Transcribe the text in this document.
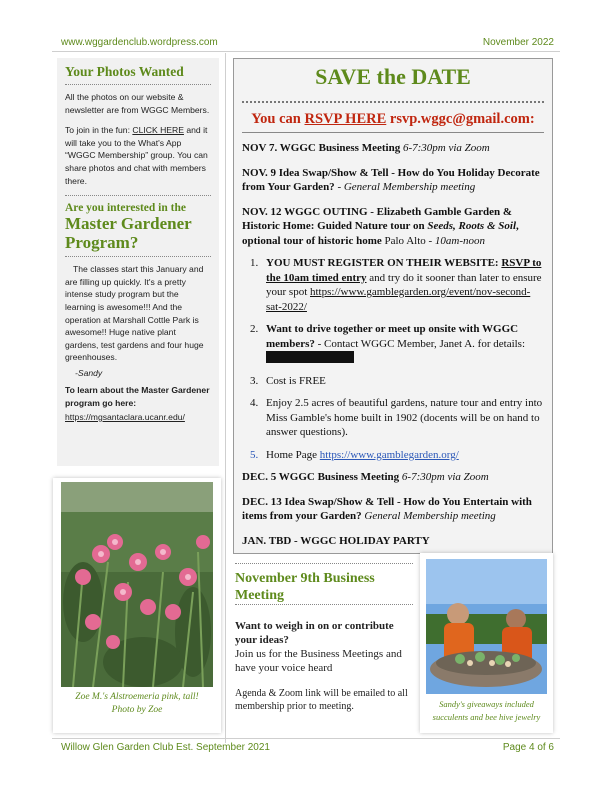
www.wggardenclub.wordpress.com	November 2022
Your Photos Wanted
All the photos on our website & newsletter are from WGGC Members.
To join in the fun: CLICK HERE and it will take you to the What's App “WGGC Membership” group. You can share photos and chat with members there.
Are you interested in the
Master Gardener Program?
The classes start this January and are filling up quickly. It's a pretty intense study program but the learning is awesome!!! And the operation at Marshall Cottle Park is awesome!! Huge native plant gardens, test gardens and four huge greenhouses.
-Sandy
To learn about the Master Gardener program go here:
https://mgsantaclara.ucanr.edu/
Zoe M.'s Alstroemeria pink, tall!
Photo by Zoe
SAVE the DATE
You can RSVP HERE rsvp.wggc@gmail.com:
NOV 7. WGGC Business Meeting 6-7:30pm via Zoom
NOV. 9 Idea Swap/Show & Tell - How do You Holiday Decorate from Your Garden? - General Membership meeting
NOV. 12 WGGC OUTING - Elizabeth Gamble Garden & Historic Home: Guided Nature tour on Seeds, Roots & Soil, optional tour of historic home Palo Alto - 10am-noon
1. YOU MUST REGISTER ON THEIR WEBSITE: RSVP to the 10am timed entry and try do it sooner than later to ensure your spot https://www.gamblegarden.org/event/nov-second-sat-2022/
2. Want to drive together or meet up onsite with WGGC members? - Contact WGGC Member, Janet A. for details:
3. Cost is FREE
4. Enjoy 2.5 acres of beautiful gardens, nature tour and entry into Miss Gamble's home built in 1902 (docents will be on hand to answer questions).
5. Home Page https://www.gamblegarden.org/
DEC. 5 WGGC Business Meeting 6-7:30pm via Zoom
DEC. 13 Idea Swap/Show & Tell - How do You Entertain with items from your Garden? General Membership meeting
JAN. TBD - WGGC HOLIDAY PARTY
November 9th Business Meeting
Want to weigh in on or contribute your ideas?
Join us for the Business Meetings and have your voice heard
Agenda & Zoom link will be emailed to all membership prior to meeting.	Sandy's giveaways included
succulents and bee hive jewelry
Willow Glen Garden Club Est. September 2021	Page 4 of 6
